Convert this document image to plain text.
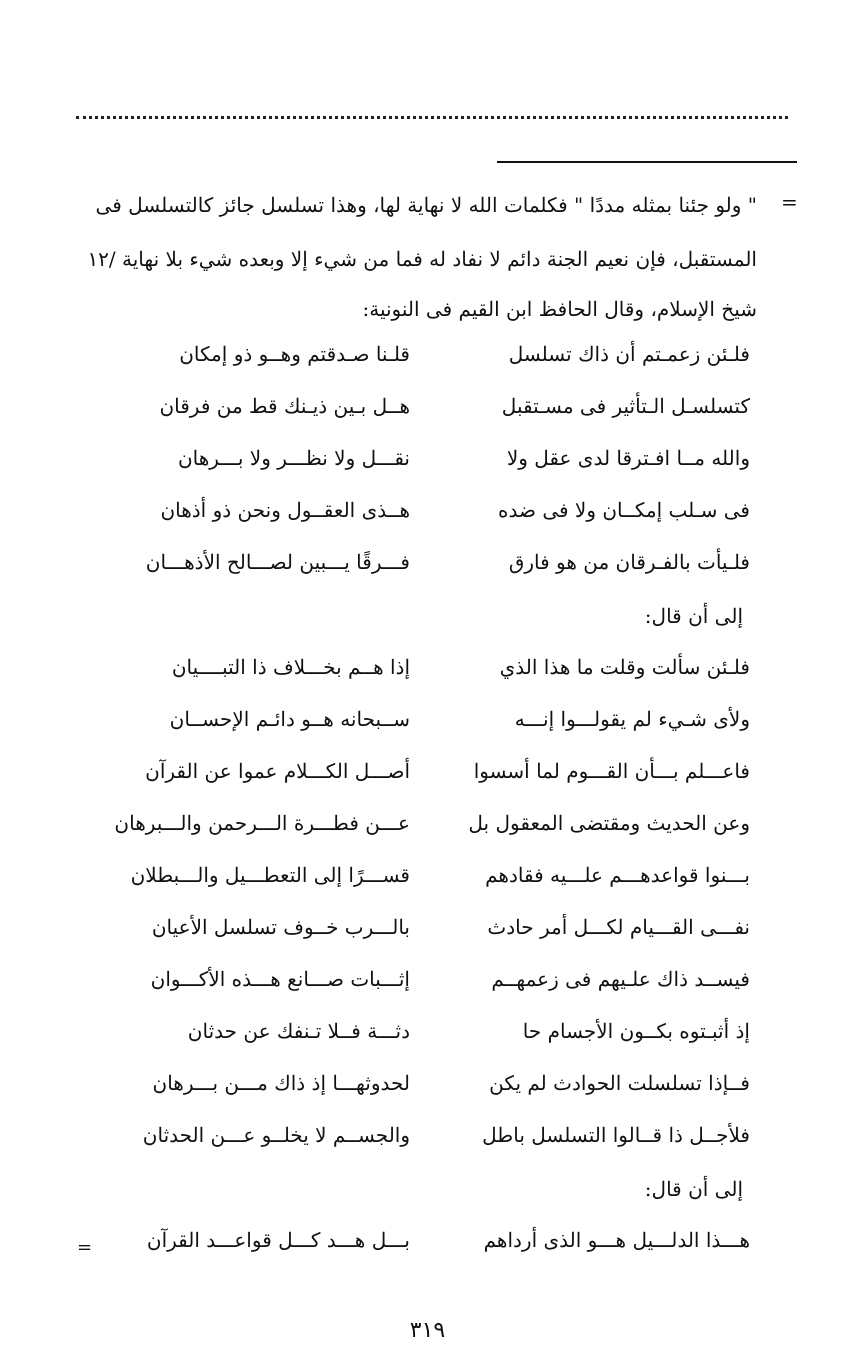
=
" ولو جئنا بمثله مددًا " فكلمات الله لا نهاية لها، وهذا تسلسل جائز كالتسلسل فى
المستقبل، فإن نعيم الجنة دائم لا نفاد له فما من شيء إلا وبعده شيء بلا نهاية /١٢
شيخ الإسلام، وقال الحافظ ابن القيم فى النونية:
فلـئن زعمـتم أن ذاك تسلسل
قلـنا صـدقتم وهــو ذو إمكان
كتسلسـل الـتأثير فى مسـتقبل
هــل بـين ذيـنك قط من فرقان
والله مــا افـترقا لدى عقل ولا
نقـــل ولا نظـــر ولا بـــرهان
فى سـلب إمكــان ولا فى ضده
هــذى العقــول ونحن ذو أذهان
فلـيأت بالفـرقان من هو فارق
فـــرقًا يـــبين لصـــالح الأذهـــان
إلى أن قال:
فلـئن سألت وقلت ما هذا الذي
إذا هــم بخـــلاف ذا التبــــيان
ولأى شـيء لم يقولـــوا إنـــه
ســبحانه هــو دائـم الإحســان
فاعـــلم بـــأن القـــوم لما أسسوا
أصـــل الكـــلام عموا عن القرآن
وعن الحديث ومقتضى المعقول بل
عـــن فطـــرة الـــرحمن والـــبرهان
بـــنوا قواعدهـــم علـــيه فقادهم
قســـرًا إلى التعطـــيل والـــبطلان
نفـــى القـــيام لكـــل أمر حادث
بالـــرب خــوف تسلسل الأعيان
فيســد ذاك علـيهم فى زعمهــم
إثـــبات صـــانع هـــذه الأكـــوان
إذ أثبـتوه بكــون الأجسام حا
دثـــة فــلا تـنفك عن حدثان
فــإذا تسلسلت الحوادث لم يكن
لحدوثهـــا إذ ذاك مـــن بـــرهان
فلأجــل ذا قــالوا التسلسل باطل
والجســم لا يخلــو عـــن الحدثان
إلى أن قال:
هـــذا الدلـــيل هـــو الذى أرداهم
بـــل هـــد كـــل قواعـــد القرآن
=
٣١٩
